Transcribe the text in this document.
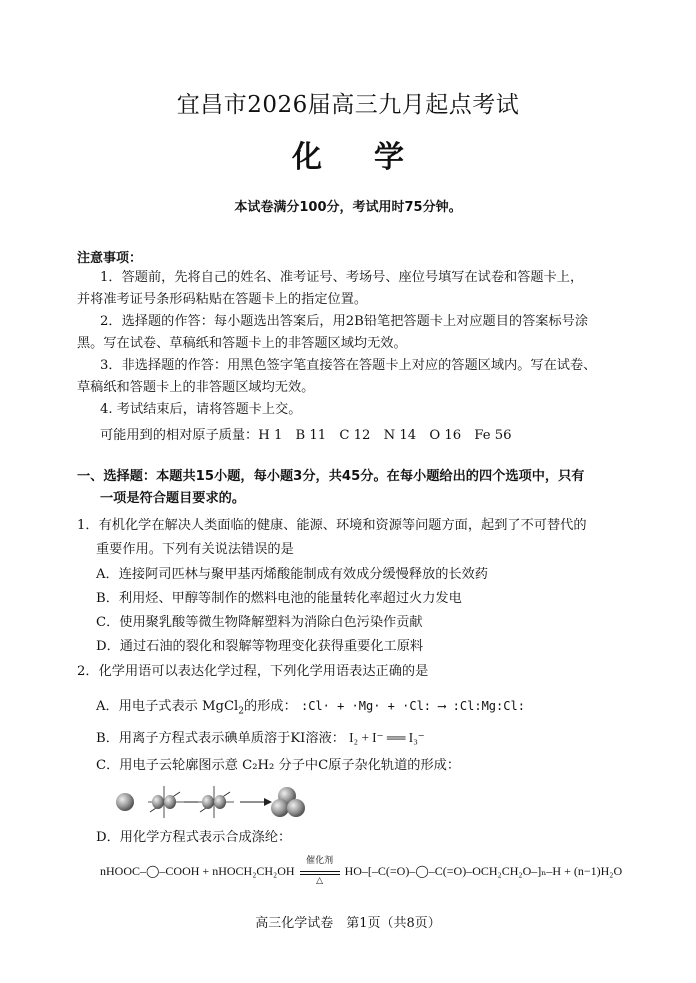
宜昌市2026届高三九月起点考试
化学
本试卷满分100分，考试用时75分钟。
注意事项：
1．答题前，先将自己的姓名、准考证号、考场号、座位号填写在试卷和答题卡上，
并将准考证号条形码粘贴在答题卡上的指定位置。
2．选择题的作答：每小题选出答案后，用2B铅笔把答题卡上对应题目的答案标号涂
黑。写在试卷、草稿纸和答题卡上的非答题区域均无效。
3．非选择题的作答：用黑色签字笔直接答在答题卡上对应的答题区域内。写在试卷、
草稿纸和答题卡上的非答题区域均无效。
4. 考试结束后，请将答题卡上交。
可能用到的相对原子质量：H 1　B 11　C 12　N 14　O 16　Fe 56
一、选择题：本题共15小题，每小题3分，共45分。在每小题给出的四个选项中，只有
一项是符合题目要求的。
1．有机化学在解决人类面临的健康、能源、环境和资源等问题方面，起到了不可替代的
重要作用。下列有关说法错误的是
A．连接阿司匹林与聚甲基丙烯酸能制成有效成分缓慢释放的长效药
B．利用烃、甲醇等制作的燃料电池的能量转化率超过火力发电
C．使用聚乳酸等微生物降解塑料为消除白色污染作贡献
D．通过石油的裂化和裂解等物理变化获得重要化工原料
2．化学用语可以表达化学过程，下列化学用语表达正确的是
A．用电子式表示 MgCl$_2$的形成： :Cl· + ·Mg· + ·Cl: ⟶ :Cl:Mg:Cl:
B．用离子方程式表示碘单质溶于KI溶液： I₂ + I⁻ ══ I₃⁻
C．用电子云轮廓图示意 C₂H₂ 分子中C原子杂化轨道的形成：
D．用化学方程式表示合成涤纶：
nHOOC–◯–COOH + nHOCH₂CH₂OH
催化剂
△
HO–[–C(=O)–◯–C(=O)–OCH₂CH₂O–]ₙ–H + (n−1)H₂O
高三化学试卷　第1页（共8页）
